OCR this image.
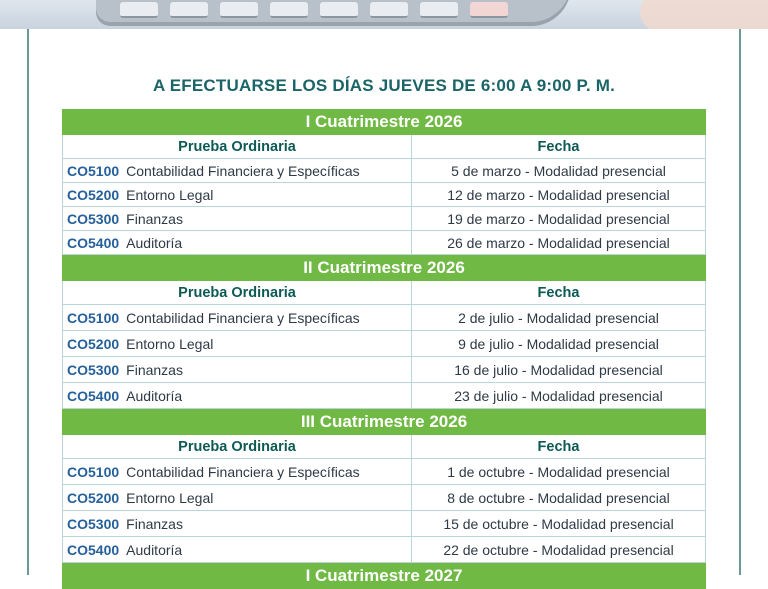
A EFECTUARSE LOS DÍAS JUEVES DE 6:00 A 9:00 P. M.
I Cuatrimestre 2026
Prueba Ordinaria	Fecha
CO5100 Contabilidad Financiera y Específicas	5 de marzo - Modalidad presencial
CO5200 Entorno Legal	12 de marzo - Modalidad presencial
CO5300 Finanzas	19 de marzo - Modalidad presencial
CO5400 Auditoría	26 de marzo - Modalidad presencial
II Cuatrimestre 2026
Prueba Ordinaria	Fecha
CO5100 Contabilidad Financiera y Específicas	2 de julio - Modalidad presencial
CO5200 Entorno Legal	9 de julio - Modalidad presencial
CO5300 Finanzas	16 de julio - Modalidad presencial
CO5400 Auditoría	23 de julio - Modalidad presencial
III Cuatrimestre 2026
Prueba Ordinaria	Fecha
CO5100 Contabilidad Financiera y Específicas	1 de octubre - Modalidad presencial
CO5200 Entorno Legal	8 de octubre - Modalidad presencial
CO5300 Finanzas	15 de octubre - Modalidad presencial
CO5400 Auditoría	22 de octubre - Modalidad presencial
I Cuatrimestre 2027
